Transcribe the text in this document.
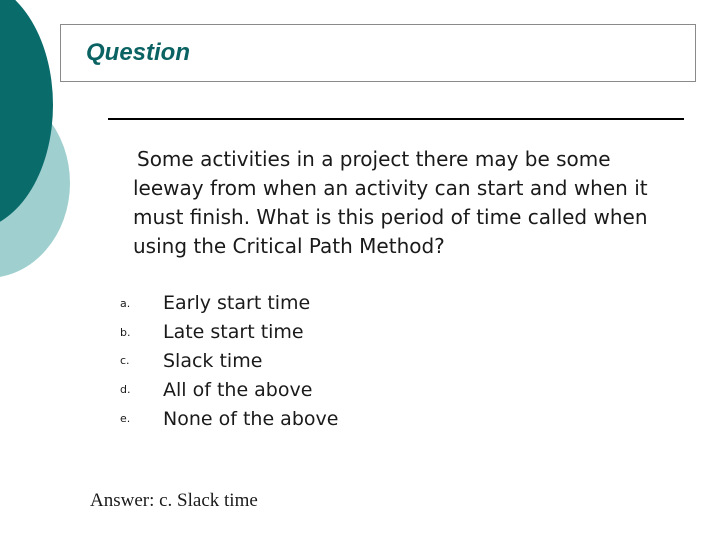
Question

Some activities in a project there may be some leeway from when an activity can start and when it must finish. What is this period of time called when using the Critical Path Method?

a.	Early start time
b.	Late start time
c.	Slack time
d.	All of the above
e.	None of the above

Answer: c. Slack time
